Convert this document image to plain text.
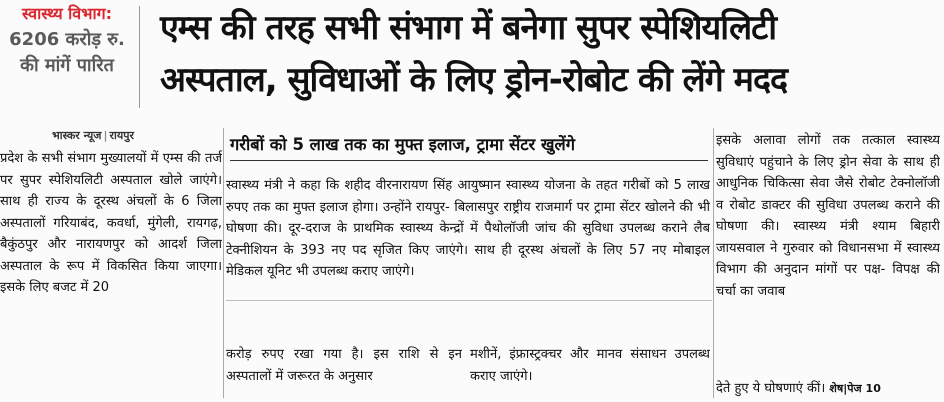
स्वास्थ्य विभाग:
6206 करोड़ रु.
की मांगें पारित
एम्स की तरह सभी संभाग में बनेगा सुपर स्पेशियलिटी
अस्पताल, सुविधाओं के लिए ड्रोन-रोबोट की लेंगे मदद
भास्कर न्यूज | रायपुर

प्रदेश के सभी संभाग मुख्यालयों में एम्स की तर्ज पर सुपर स्पेशियलिटी अस्पताल खोले जाएंगे। साथ ही राज्य के दूरस्थ अंचलों के 6 जिला अस्पतालों गरियाबंद, कवर्धा, मुंगेली, रायगढ़, बैकुंठपुर और नारायणपुर को आदर्श जिला अस्पताल के रूप में विकसित किया जाएगा। इसके लिए बजट में 20

गरीबों को 5 लाख तक का मुफ्त इलाज, ट्रामा सेंटर खुलेंगे

स्वास्थ्य मंत्री ने कहा कि शहीद वीरनारायण सिंह आयुष्मान स्वास्थ्य योजना के तहत गरीबों को 5 लाख रुपए तक का मुफ्त इलाज होगा। उन्होंने रायपुर- बिलासपुर राष्ट्रीय राजमार्ग पर ट्रामा सेंटर खोलने की भी घोषणा की। दूर-दराज के प्राथमिक स्वास्थ्य केन्द्रों में पैथोलॉजी जांच की सुविधा उपलब्ध कराने लैब टेक्नीशियन के 393 नए पद सृजित किए जाएंगे। साथ ही दूरस्थ अंचलों के लिए 57 नए मोबाइल मेडिकल यूनिट भी उपलब्ध कराए जाएंगे।

करोड़ रुपए रखा गया है। इस राशि से इन अस्पतालों में जरूरत के अनुसार

मशीनें, इंफ्रास्ट्रक्चर और मानव संसाधन उपलब्ध कराए जाएंगे।

इसके अलावा लोगों तक तत्काल स्वास्थ्य सुविधाएं पहुंचाने के लिए ड्रोन सेवा के साथ ही आधुनिक चिकित्सा सेवा जैसे रोबोट टेक्नोलॉजी व रोबोट डाक्टर की सुविधा उपलब्ध कराने की घोषणा की। स्वास्थ्य मंत्री श्याम बिहारी जायसवाल ने गुरुवार को विधानसभा में स्वास्थ्य विभाग की अनुदान मांगों पर पक्ष- विपक्ष की चर्चा का जवाब

देते हुए ये घोषणाएं कीं। शेष|पेज 10
